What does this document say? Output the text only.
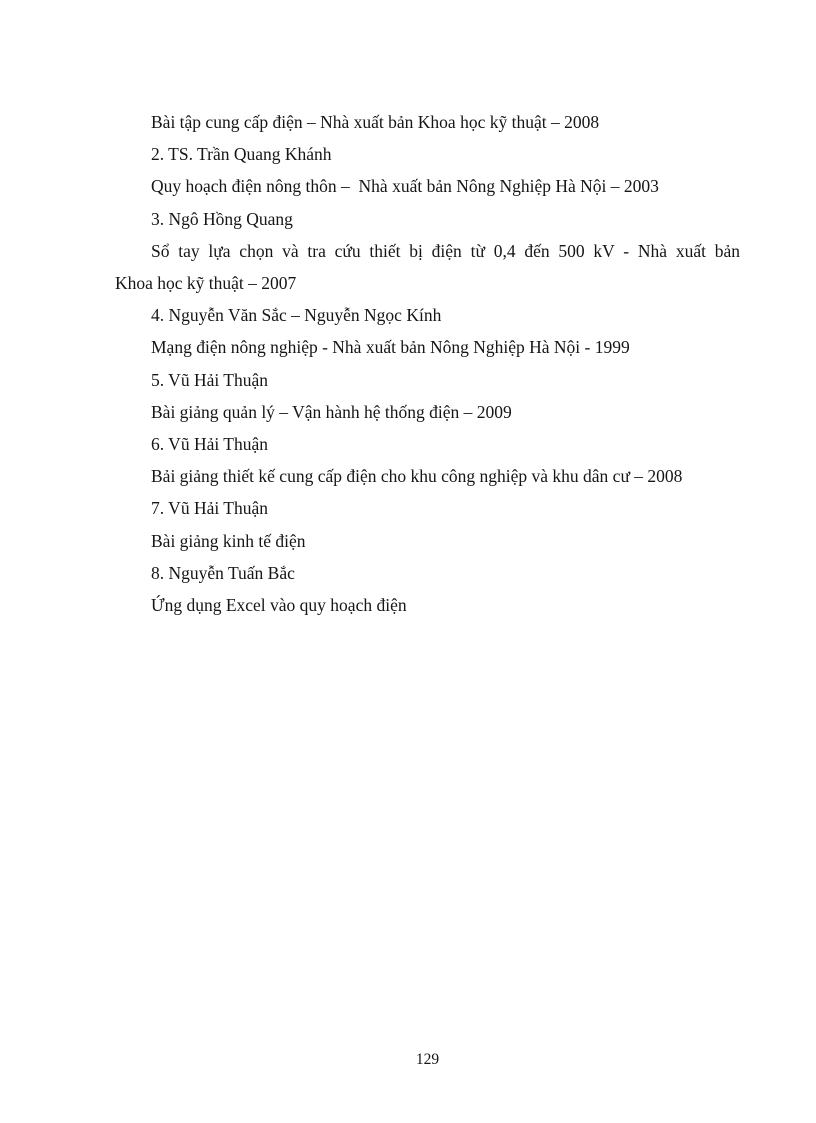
Bài tập cung cấp điện – Nhà xuất bản Khoa học kỹ thuật – 2008
2. TS. Trần Quang Khánh
Quy hoạch điện nông thôn –  Nhà xuất bản Nông Nghiệp Hà Nội – 2003
3. Ngô Hồng Quang
Sổ tay lựa chọn và tra cứu thiết bị điện từ 0,4 đến 500 kV - Nhà xuất bản
Khoa học kỹ thuật – 2007
4. Nguyễn Văn Sắc – Nguyễn Ngọc Kính
Mạng điện nông nghiệp - Nhà xuất bản Nông Nghiệp Hà Nội - 1999
5. Vũ Hải Thuận
Bài giảng quản lý – Vận hành hệ thống điện – 2009
6. Vũ Hải Thuận
Bải giảng thiết kế cung cấp điện cho khu công nghiệp và khu dân cư – 2008
7. Vũ Hải Thuận
Bài giảng kinh tế điện
8. Nguyễn Tuấn Bắc
Ứng dụng Excel vào quy hoạch điện
129
